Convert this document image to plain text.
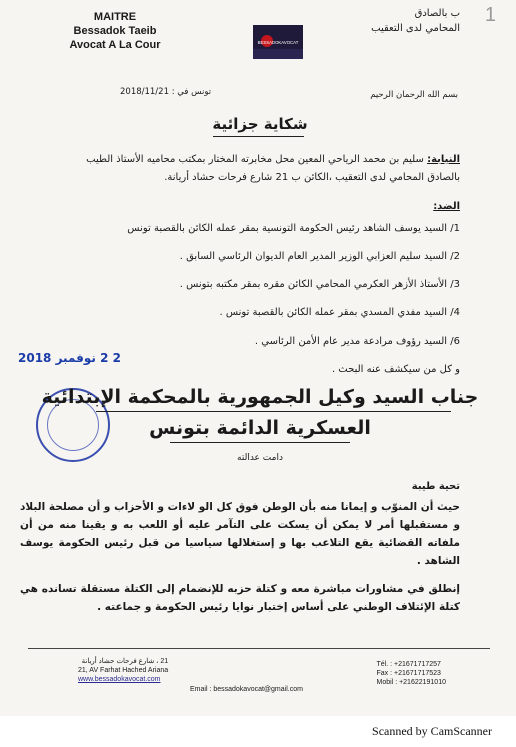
1
MAITRE
Bessadok Taeib
Avocat A La Cour	BESSADOKAVOCAT
ب بالصادق
المحامي لدى التعقيب
تونس في : 2018/11/21	بسم الله الرحمان الرحيم
شكاية جزائية
النيابة: سليم بن محمد الرياحي المعين محل مخابرته المختار بمكتب محاميه الأستاذ الطيب بالصادق المحامي لدى التعقيب ،الكائن ب 21 شارع فرحات حشاد أريانة.
الضد:
1/ السيد يوسف الشاهد رئيس الحكومة التونسية بمقر عمله الكائن بالقصبة تونس
2/ السيد سليم العزابي الوزير المدير العام الديوان الرئاسي السابق .
3/ الأستاذ الأزهر العكرمي المحامي الكائن مقره بمقر مكتبه بتونس .
4/ السيد مفدي المسدي بمقر عمله الكائن بالقصبة تونس .
6/ السيد رؤوف مرادعة مدير عام الأمن الرئاسي .
و كل من سيكشف عنه البحث .
2 2 نوفمبر 2018
جناب السيد وكيل الجمهورية بالمحكمة الإبتدائية
العسكرية الدائمة بتونس
دامت عدالته
تحية طيبة
حيث أن المنوّب و إيمانا منه بأن الوطن فوق كل الو لاءات و الأحزاب و أن مصلحة البلاد و مستقبلها أمر لا يمكن أن يسكت على التآمر عليه أو اللعب به و يقينا منه من أن ملفاته القضائية يقع التلاعب بها و إستغلالها سياسيا من قبل رئيس الحكومة يوسف الشاهد .
إنطلق في مشاورات مباشرة معه و كتلة حزبه للإنضمام إلى الكتلة مستقلة تسانده هي كتلة الإئتلاف الوطني على أساس إختبار نوايا رئيس الحكومة و جماعته .
21 ، شارع فرحات حشاد أريانة
21, AV Farhat Hached Ariana
www.bessadokavocat.com
Tél. : +21671717257
Fax : +21671717523
Mobil : +21622191010
Email : bessadokavocat@gmail.com
Scanned by CamScanner
